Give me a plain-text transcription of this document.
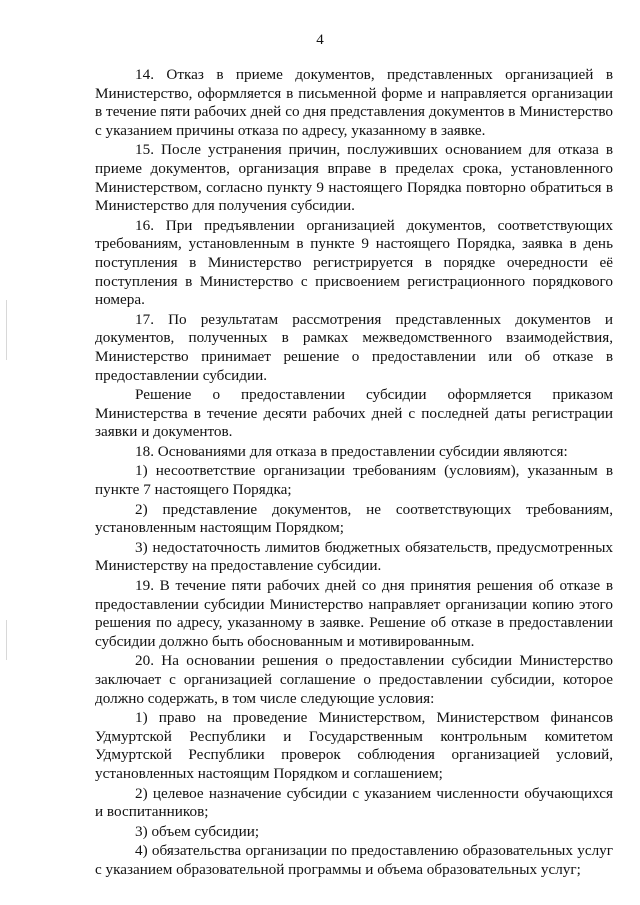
4

14. Отказ в приеме документов, представленных организацией в Министерство, оформляется в письменной форме и направляется организации в течение пяти рабочих дней со дня представления документов в Министерство с указанием причины отказа по адресу, указанному в заявке.

15. После устранения причин, послуживших основанием для отказа в приеме документов, организация вправе в пределах срока, установленного Министерством, согласно пункту 9 настоящего Порядка повторно обратиться в Министерство для получения субсидии.

16. При предъявлении организацией документов, соответствующих требованиям, установленным в пункте 9 настоящего Порядка, заявка в день поступления в Министерство регистрируется в порядке очередности её поступления в Министерство с присвоением регистрационного порядкового номера.

17. По результатам рассмотрения представленных документов и документов, полученных в рамках межведомственного взаимодействия, Министерство принимает решение о предоставлении или об отказе в предоставлении субсидии.

Решение о предоставлении субсидии оформляется приказом Министерства в течение десяти рабочих дней с последней даты регистрации заявки и документов.

18. Основаниями для отказа в предоставлении субсидии являются:

1) несоответствие организации требованиям (условиям), указанным в пункте 7 настоящего Порядка;

2) представление документов, не соответствующих требованиям, установленным настоящим Порядком;

3) недостаточность лимитов бюджетных обязательств, предусмотренных Министерству на предоставление субсидии.

19. В течение пяти рабочих дней со дня принятия решения об отказе в предоставлении субсидии Министерство направляет организации копию этого решения по адресу, указанному в заявке. Решение об отказе в предоставлении субсидии должно быть обоснованным и мотивированным.

20. На основании решения о предоставлении субсидии Министерство заключает с организацией соглашение о предоставлении субсидии, которое должно содержать, в том числе следующие условия:

1) право на проведение Министерством, Министерством финансов Удмуртской Республики и Государственным контрольным комитетом Удмуртской Республики проверок соблюдения организацией условий, установленных настоящим Порядком и соглашением;

2) целевое назначение субсидии с указанием численности обучающихся и воспитанников;

3) объем субсидии;

4) обязательства организации по предоставлению образовательных услуг с указанием образовательной программы и объема образовательных услуг;
